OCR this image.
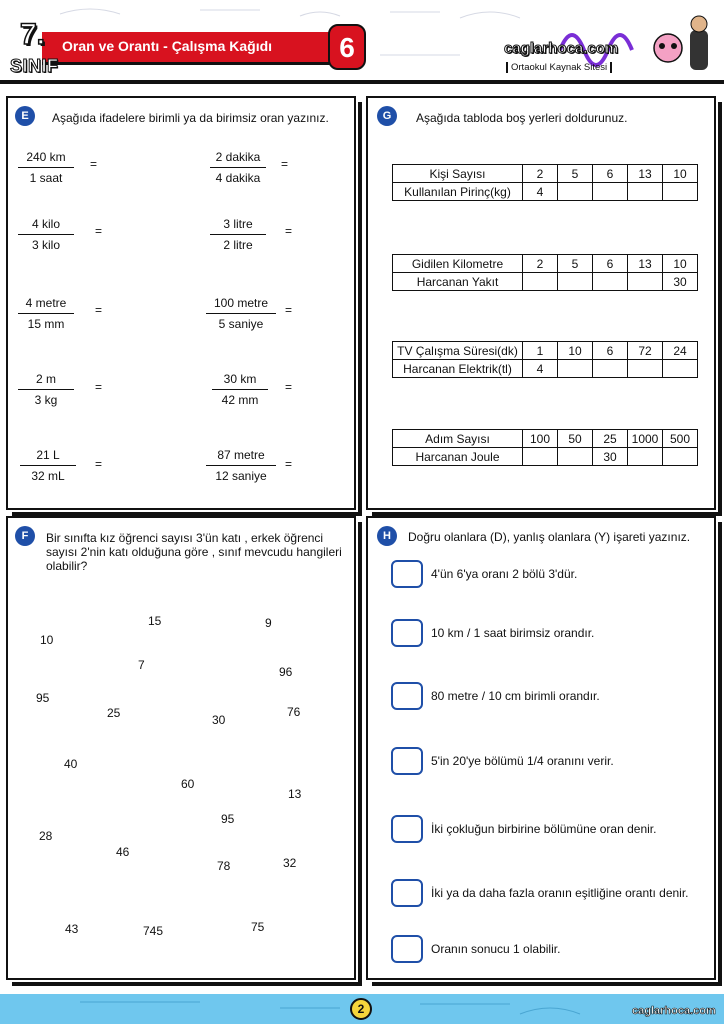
7.
SINIF
Oran ve Orantı - Çalışma Kağıdı	6	caglarhoca.com
Ortaokul Kaynak Sitesi
E	Aşağıda ifadelere birimli ya da birimsiz oran yazınız.
240 km
1 saat
=	2 dakika
4 dakika
=
4 kilo
3 kilo
=	3 litre
2 litre
=
4 metre
15 mm
=	100 metre
5 saniye
=
$\frac{2 m}{3 kg}$ =	$\frac{30 km}{42 mm}$ =
$\frac{21 L}{32 mL}$ =
87 metre
12 saniye
=
G	Aşağıda tabloda boş yerleri doldurunuz.
Kişi Sayısı	2	5	6	13	10
Kullanılan Pirinç(kg)	4				
Gidilen Kilometre	2	5	6	13	10
Harcanan Yakıt					30
TV Çalışma Süresi(dk)	1	10	6	72	24
Harcanan Elektrik(tl)	4				
Adım Sayısı	100	50	25	1000	500
Harcanan Joule			30		
F	Bir sınıfta kız öğrenci sayısı 3'ün katı , erkek öğrenci sayısı 2'nin katı olduğuna göre , sınıf mevcudu hangileri olabilir?
15	9
10
7	96
95
25	30
76
40
60
13
95
28
46
78	32
43	745	75
H	Doğru olanlara (D), yanlış olanlara (Y) işareti yazınız.
4'ün 6'ya oranı 2 bölü 3'dür.
10 km / 1 saat birimsiz orandır.
80 metre / 10 cm birimli orandır.
5'in 20'ye bölümü 1/4 oranını verir.
İki çokluğun birbirine bölümüne oran denir.
İki ya da daha fazla oranın eşitliğine orantı denir.
Oranın sonucu 1 olabilir.
2	caglarhoca.com
